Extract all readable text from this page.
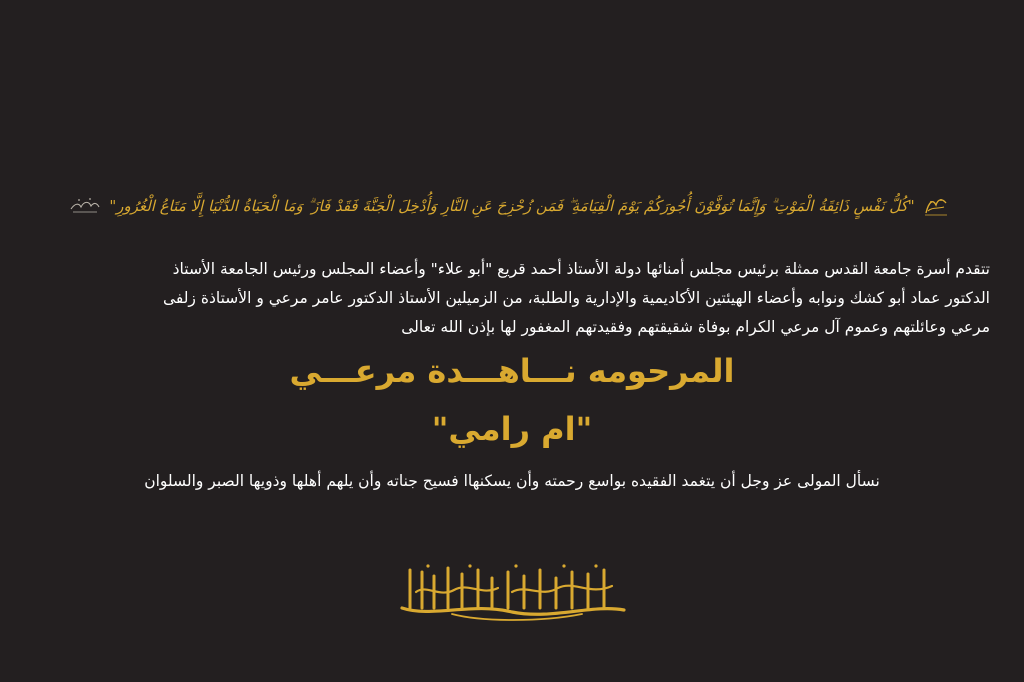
"كُلُّ نَفْسٍ ذَائِقَةُ الْمَوْتِ ۗ وَإِنَّمَا تُوَفَّوْنَ أُجُورَكُمْ يَوْمَ الْقِيَامَةِ ۖ فَمَن زُحْزِحَ عَنِ النَّارِ وَأُدْخِلَ الْجَنَّةَ فَقَدْ فَازَ ۗ وَمَا الْحَيَاةُ الدُّنْيَا إِلَّا مَتَاعُ الْغُرُورِ"

تتقدم أسرة جامعة القدس ممثلة برئيس مجلس أمنائها دولة الأستاذ أحمد قريع "أبو علاء" وأعضاء المجلس ورئيس الجامعة الأستاذ

الدكتور عماد أبو كشك ونوابه وأعضاء الهيئتين الأكاديمية والإدارية والطلبة، من الزميلين الأستاذ الدكتور عامر مرعي و الأستاذة زلفى

مرعي وعائلتهم وعموم آل مرعي الكرام بوفاة شقيقتهم وفقيدتهم المغفور لها بإذن الله تعالى

المرحومه نـــاهـــدة مرعـــي
"ام رامي"
نسأل المولى عز وجل أن يتغمد الفقيده بواسع رحمته وأن يسكنهاا فسيح جناته وأن يلهم أهلها وذويها الصبر والسلوان
